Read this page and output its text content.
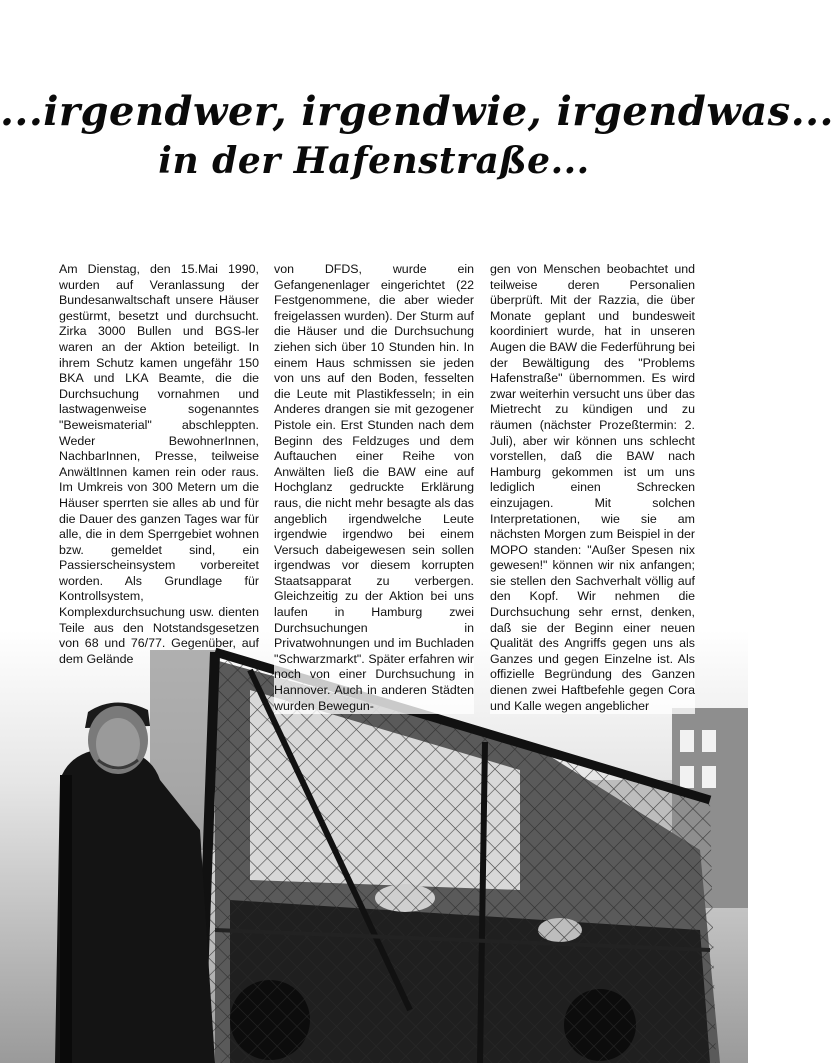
...irgendwer, irgendwie, irgendwas...
in der Hafenstraße...

Am Dienstag, den 15.Mai 1990, wurden auf Veranlassung der Bundesanwaltschaft unsere Häuser gestürmt, besetzt und durchsucht. Zirka 3000 Bullen und BGS-ler waren an der Aktion beteiligt. In ihrem Schutz kamen ungefähr 150 BKA und LKA Beamte, die die Durchsuchung vornahmen und lastwagenweise sogenanntes "Beweismaterial" abschleppten. Weder BewohnerInnen, NachbarInnen, Presse, teilweise AnwältInnen kamen rein oder raus. Im Umkreis von 300 Metern um die Häuser sperrten sie alles ab und für die Dauer des ganzen Tages war für alle, die in dem Sperrgebiet wohnen bzw. gemeldet sind, ein Passierscheinsystem vorbereitet worden. Als Grundlage für Kontrollsystem, Komplexdurchsuchung usw. dienten Teile aus den Notstandsgesetzen von 68 und 76/77. Gegenüber, auf dem Gelände

von DFDS, wurde ein Gefangenenlager eingerichtet (22 Festgenommene, die aber wieder freigelassen wurden). Der Sturm auf die Häuser und die Durchsuchung ziehen sich über 10 Stunden hin. In einem Haus schmissen sie jeden von uns auf den Boden, fesselten die Leute mit Plastikfesseln; in ein Anderes drangen sie mit gezogener Pistole ein. Erst Stunden nach dem Beginn des Feldzuges und dem Auftauchen einer Reihe von Anwälten ließ die BAW eine auf Hochglanz gedruckte Erklärung raus, die nicht mehr besagte als das angeblich irgendwelche Leute irgendwie irgendwo bei einem Versuch dabeigewesen sein sollen irgendwas vor diesem korrupten Staatsapparat zu verbergen. Gleichzeitig zu der Aktion bei uns laufen in Hamburg zwei Durchsuchungen in Privatwohnungen und im Buchladen "Schwarzmarkt". Später erfahren wir noch von einer Durchsuchung in Hannover. Auch in anderen Städten wurden Bewegun-

gen von Menschen beobachtet und teilweise deren Personalien überprüft. Mit der Razzia, die über Monate geplant und bundesweit koordiniert wurde, hat in unseren Augen die BAW die Federführung bei der Bewältigung des "Problems Hafenstraße" übernommen. Es wird zwar weiterhin versucht uns über das Mietrecht zu kündigen und zu räumen (nächster Prozeßtermin: 2. Juli), aber wir können uns schlecht vorstellen, daß die BAW nach Hamburg gekommen ist um uns lediglich einen Schrecken einzujagen. Mit solchen Interpretationen, wie sie am nächsten Morgen zum Beispiel in der MOPO standen: "Außer Spesen nix gewesen!" können wir nix anfangen; sie stellen den Sachverhalt völlig auf den Kopf. Wir nehmen die Durchsuchung sehr ernst, denken, daß sie der Beginn einer neuen Qualität des Angriffs gegen uns als Ganzes und gegen Einzelne ist. Als offizielle Begründung des Ganzen dienen zwei Haftbefehle gegen Cora und Kalle wegen angeblicher
